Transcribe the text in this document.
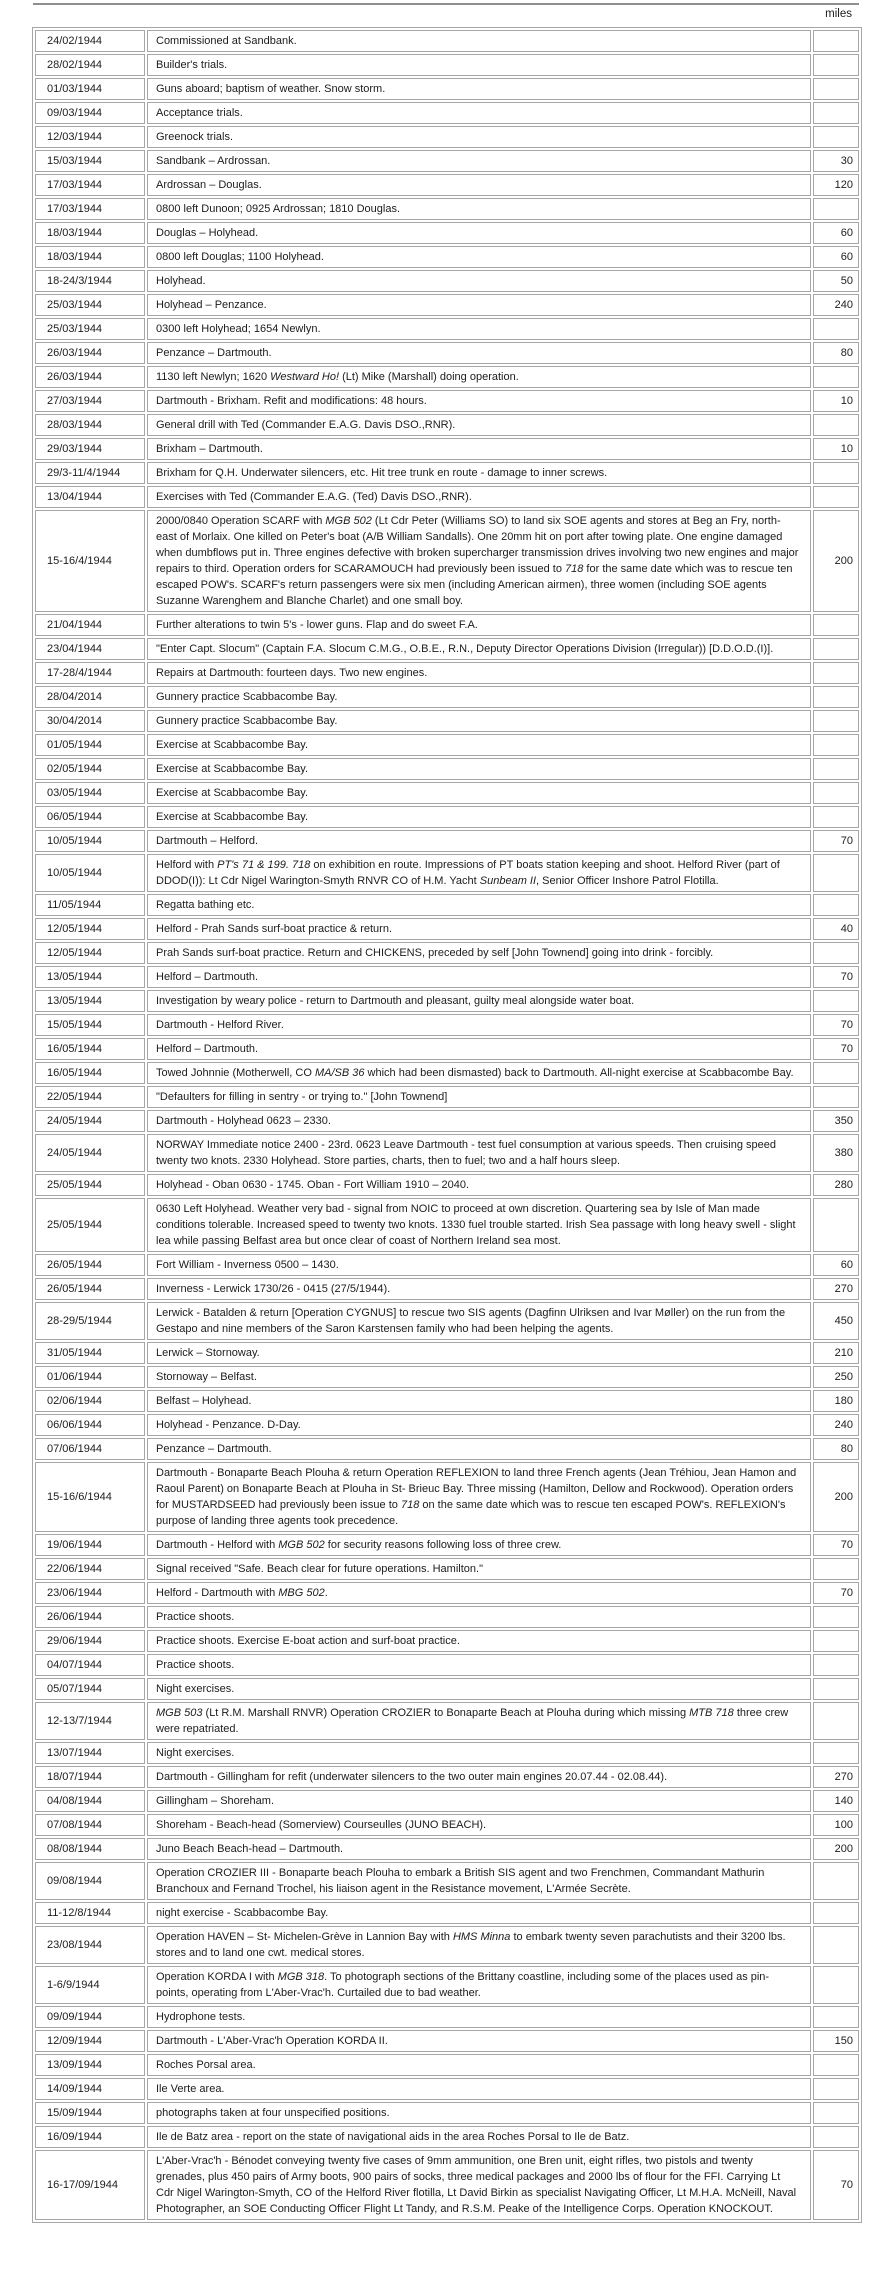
miles
24/02/1944	Commissioned at Sandbank.	
28/02/1944	Builder's trials.	
01/03/1944	Guns aboard; baptism of weather. Snow storm.	
09/03/1944	Acceptance trials.	
12/03/1944	Greenock trials.	
15/03/1944	Sandbank – Ardrossan.	30
17/03/1944	Ardrossan – Douglas.	120
17/03/1944	0800 left Dunoon; 0925 Ardrossan; 1810 Douglas.	
18/03/1944	Douglas – Holyhead.	60
18/03/1944	0800 left Douglas; 1100 Holyhead.	60
18-24/3/1944	Holyhead.	50
25/03/1944	Holyhead – Penzance.	240
25/03/1944	0300 left Holyhead; 1654 Newlyn.	
26/03/1944	Penzance – Dartmouth.	80
26/03/1944	1130 left Newlyn; 1620 Westward Ho! (Lt) Mike (Marshall) doing operation.	
27/03/1944	Dartmouth - Brixham. Refit and modifications: 48 hours.	10
28/03/1944	General drill with Ted (Commander E.A.G. Davis DSO.,RNR).	
29/03/1944	Brixham – Dartmouth.	10
29/3-11/4/1944	Brixham for Q.H. Underwater silencers, etc. Hit tree trunk en route - damage to inner screws.	
13/04/1944	Exercises with Ted (Commander E.A.G. (Ted) Davis DSO.,RNR).	
15-16/4/1944	2000/0840 Operation SCARF with MGB 502 (Lt Cdr Peter (Williams SO) to land six SOE agents and stores at Beg an Fry, north-east of Morlaix. One killed on Peter's boat (A/B William Sandalls). One 20mm hit on port after towing plate. One engine damaged when dumbflows put in. Three engines defective with broken supercharger transmission drives involving two new engines and major repairs to third. Operation orders for SCARAMOUCH had previously been issued to 718 for the same date which was to rescue ten escaped POW's. SCARF's return passengers were six men (including American airmen), three women (including SOE agents Suzanne Warenghem and Blanche Charlet) and one small boy.	200
21/04/1944	Further alterations to twin 5's - lower guns. Flap and do sweet F.A.	
23/04/1944	"Enter Capt. Slocum" (Captain F.A. Slocum C.M.G., O.B.E., R.N., Deputy Director Operations Division (Irregular)) [D.D.O.D.(I)].	
17-28/4/1944	Repairs at Dartmouth: fourteen days. Two new engines.	
28/04/2014	Gunnery practice Scabbacombe Bay.	
30/04/2014	Gunnery practice Scabbacombe Bay.	
01/05/1944	Exercise at Scabbacombe Bay.	
02/05/1944	Exercise at Scabbacombe Bay.	
03/05/1944	Exercise at Scabbacombe Bay.	
06/05/1944	Exercise at Scabbacombe Bay.	
10/05/1944	Dartmouth – Helford.	70
10/05/1944	Helford with PT's 71 & 199. 718 on exhibition en route. Impressions of PT boats station keeping and shoot. Helford River (part of DDOD(I)): Lt Cdr Nigel Warington-Smyth RNVR CO of H.M. Yacht Sunbeam II, Senior Officer Inshore Patrol Flotilla.	
11/05/1944	Regatta bathing etc.	
12/05/1944	Helford - Prah Sands surf-boat practice & return.	40
12/05/1944	Prah Sands surf-boat practice. Return and CHICKENS, preceded by self [John Townend] going into drink - forcibly.	
13/05/1944	Helford – Dartmouth.	70
13/05/1944	Investigation by weary police - return to Dartmouth and pleasant, guilty meal alongside water boat.	
15/05/1944	Dartmouth - Helford River.	70
16/05/1944	Helford – Dartmouth.	70
16/05/1944	Towed Johnnie (Motherwell, CO MA/SB 36 which had been dismasted) back to Dartmouth. All-night exercise at Scabbacombe Bay.	
22/05/1944	"Defaulters for filling in sentry - or trying to." [John Townend]	
24/05/1944	Dartmouth - Holyhead 0623 – 2330.	350
24/05/1944	NORWAY Immediate notice 2400 - 23rd. 0623 Leave Dartmouth - test fuel consumption at various speeds. Then cruising speed twenty two knots. 2330 Holyhead. Store parties, charts, then to fuel; two and a half hours sleep.	380
25/05/1944	Holyhead - Oban 0630 - 1745. Oban - Fort William 1910 – 2040.	280
25/05/1944	0630 Left Holyhead. Weather very bad - signal from NOIC to proceed at own discretion. Quartering sea by Isle of Man made conditions tolerable. Increased speed to twenty two knots. 1330 fuel trouble started. Irish Sea passage with long heavy swell - slight lea while passing Belfast area but once clear of coast of Northern Ireland sea most.	
26/05/1944	Fort William - Inverness 0500 – 1430.	60
26/05/1944	Inverness - Lerwick 1730/26 - 0415 (27/5/1944).	270
28-29/5/1944	Lerwick - Batalden & return [Operation CYGNUS] to rescue two SIS agents (Dagfinn Ulriksen and Ivar Møller) on the run from the Gestapo and nine members of the Saron Karstensen family who had been helping the agents.	450
31/05/1944	Lerwick – Stornoway.	210
01/06/1944	Stornoway – Belfast.	250
02/06/1944	Belfast – Holyhead.	180
06/06/1944	Holyhead - Penzance. D-Day.	240
07/06/1944	Penzance – Dartmouth.	80
15-16/6/1944	Dartmouth - Bonaparte Beach Plouha & return Operation REFLEXION to land three French agents (Jean Tréhiou, Jean Hamon and Raoul Parent) on Bonaparte Beach at Plouha in St- Brieuc Bay. Three missing (Hamilton, Dellow and Rockwood). Operation orders for MUSTARDSEED had previously been issue to 718 on the same date which was to rescue ten escaped POW's. REFLEXION's purpose of landing three agents took precedence.	200
19/06/1944	Dartmouth - Helford with MGB 502 for security reasons following loss of three crew.	70
22/06/1944	Signal received "Safe. Beach clear for future operations. Hamilton."	
23/06/1944	Helford - Dartmouth with MBG 502.	70
26/06/1944	Practice shoots.	
29/06/1944	Practice shoots. Exercise E-boat action and surf-boat practice.	
04/07/1944	Practice shoots.	
05/07/1944	Night exercises.	
12-13/7/1944	MGB 503 (Lt R.M. Marshall RNVR) Operation CROZIER to Bonaparte Beach at Plouha during which missing MTB 718 three crew were repatriated.	
13/07/1944	Night exercises.	
18/07/1944	Dartmouth - Gillingham for refit (underwater silencers to the two outer main engines 20.07.44 - 02.08.44).	270
04/08/1944	Gillingham – Shoreham.	140
07/08/1944	Shoreham - Beach-head (Somerview) Courseulles (JUNO BEACH).	100
08/08/1944	Juno Beach Beach-head – Dartmouth.	200
09/08/1944	Operation CROZIER III - Bonaparte beach Plouha to embark a British SIS agent and two Frenchmen, Commandant Mathurin Branchoux and Fernand Trochel, his liaison agent in the Resistance movement, L'Armée Secrète.	
11-12/8/1944	night exercise - Scabbacombe Bay.	
23/08/1944	Operation HAVEN – St- Michelen-Grève in Lannion Bay with HMS Minna to embark twenty seven parachutists and their 3200 lbs. stores and to land one cwt. medical stores.	
1-6/9/1944	Operation KORDA I with MGB 318. To photograph sections of the Brittany coastline, including some of the places used as pin-points, operating from L'Aber-Vrac'h. Curtailed due to bad weather.	
09/09/1944	Hydrophone tests.	
12/09/1944	Dartmouth - L'Aber-Vrac'h Operation KORDA II.	150
13/09/1944	Roches Porsal area.	
14/09/1944	Ile Verte area.	
15/09/1944	photographs taken at four unspecified positions.	
16/09/1944	Ile de Batz area - report on the state of navigational aids in the area Roches Porsal to Ile de Batz.	
16-17/09/1944	L'Aber-Vrac'h - Bénodet conveying twenty five cases of 9mm ammunition, one Bren unit, eight rifles, two pistols and twenty grenades, plus 450 pairs of Army boots, 900 pairs of socks, three medical packages and 2000 lbs of flour for the FFI. Carrying Lt Cdr Nigel Warington-Smyth, CO of the Helford River flotilla, Lt David Birkin as specialist Navigating Officer, Lt M.H.A. McNeill, Naval Photographer, an SOE Conducting Officer Flight Lt Tandy, and R.S.M. Peake of the Intelligence Corps. Operation KNOCKOUT.	70
